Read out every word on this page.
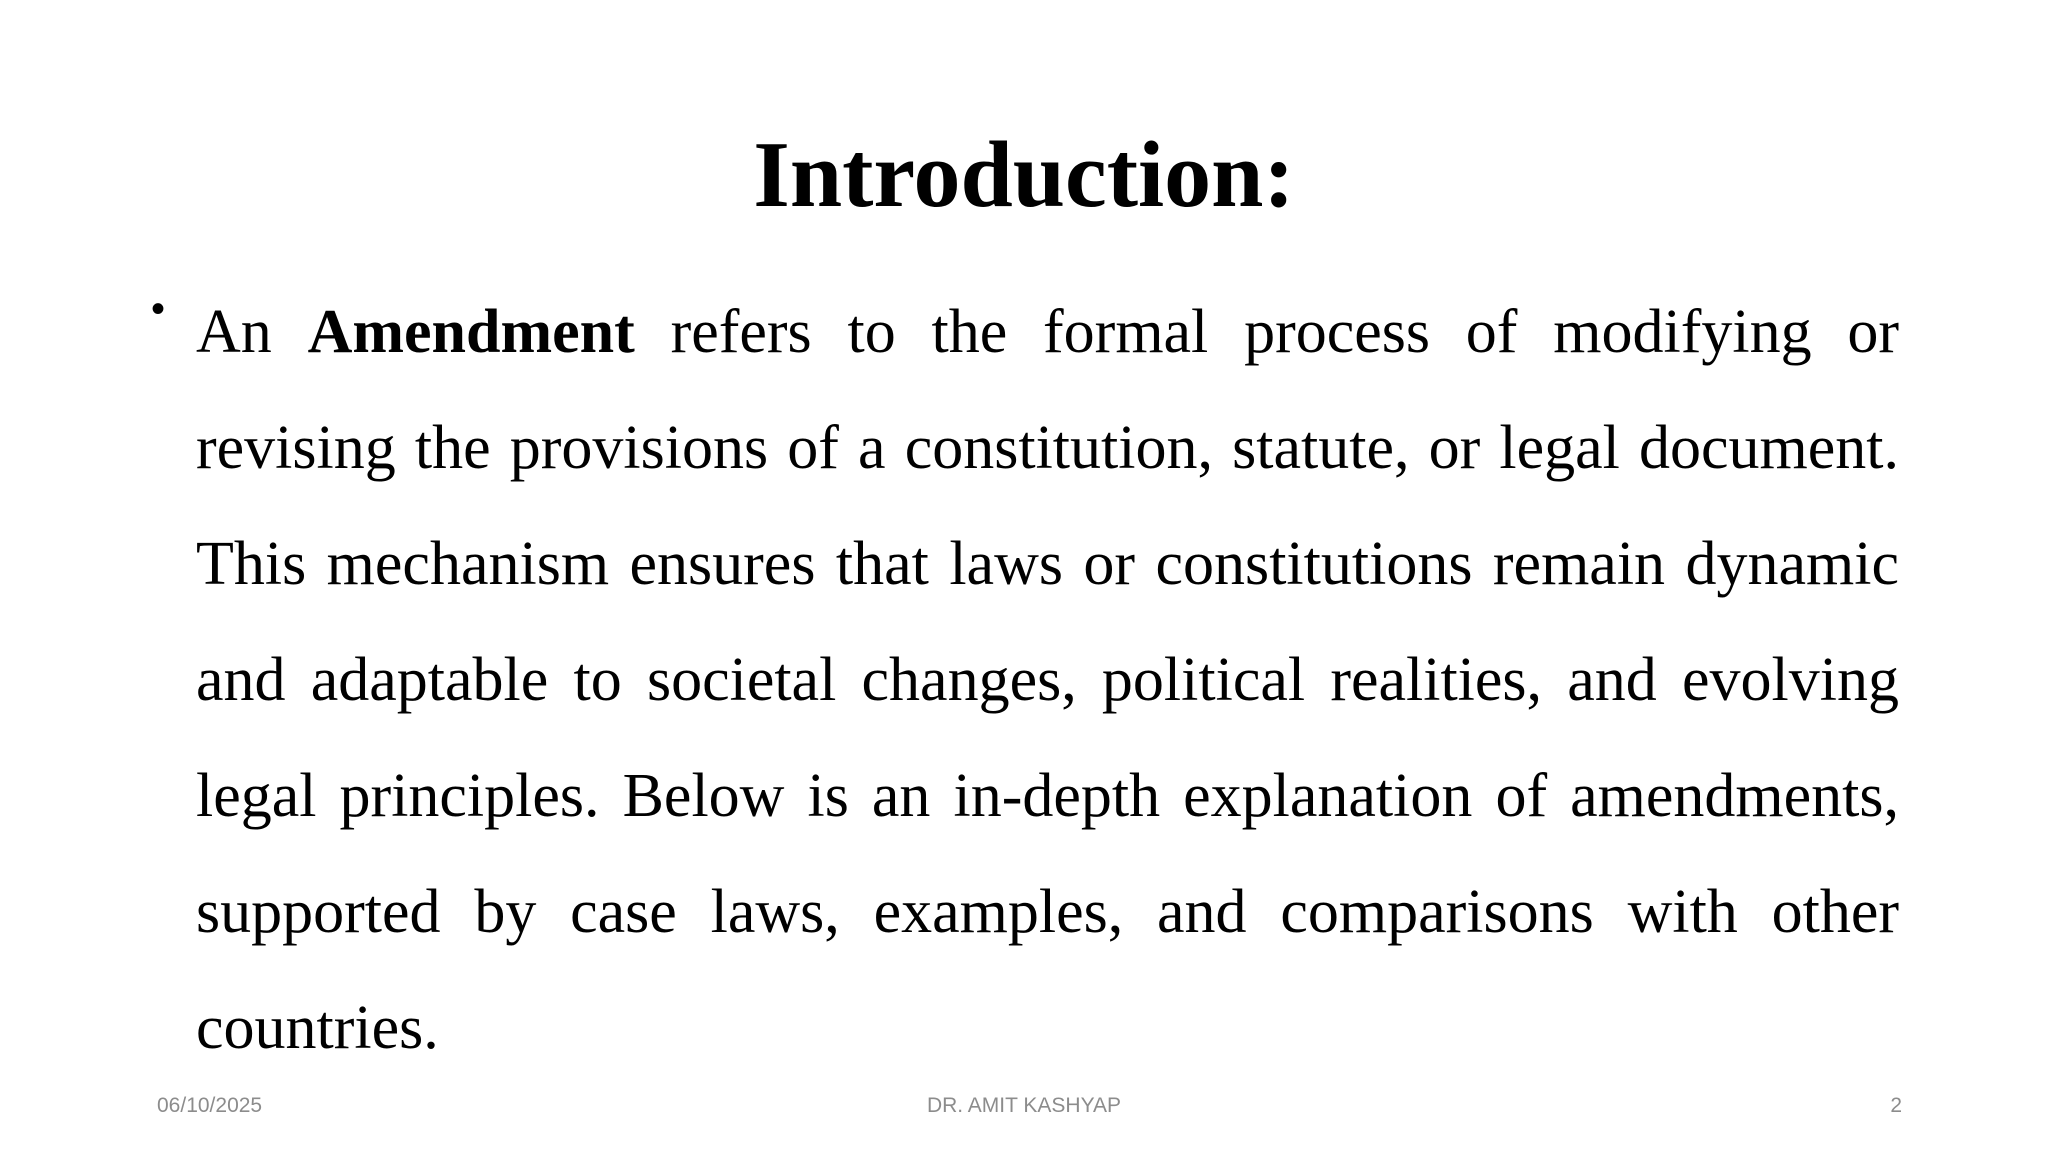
Introduction:
• An Amendment refers to the formal process of modifying or revising the provisions of a constitution, statute, or legal document. This mechanism ensures that laws or constitutions remain dynamic and adaptable to societal changes, political realities, and evolving legal principles. Below is an in-depth explanation of amendments, supported by case laws, examples, and comparisons with other countries.

06/10/2025	DR. AMIT KASHYAP	2
